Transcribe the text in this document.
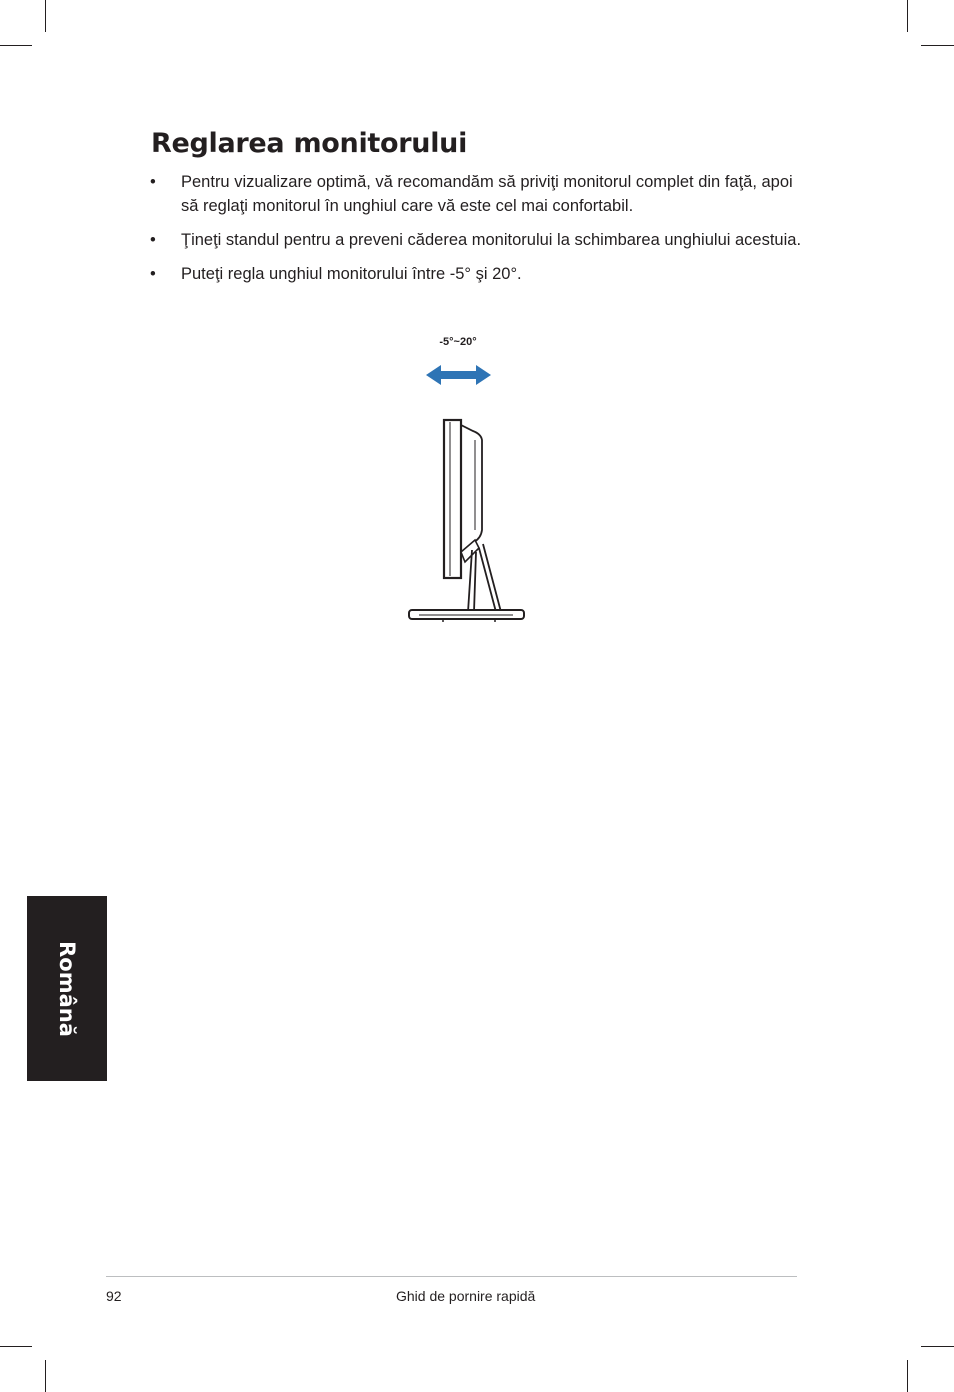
Reglarea monitorului
• Pentru vizualizare optimă, vă recomandăm să priviţi monitorul complet din faţă, apoi să reglaţi monitorul în unghiul care vă este cel mai confortabil.
• Ţineţi standul pentru a preveni căderea monitorului la schimbarea unghiului acestuia.
• Puteţi regla unghiul monitorului între -5° şi 20°.
-5°~20°
Română
92	Ghid de pornire rapidă
